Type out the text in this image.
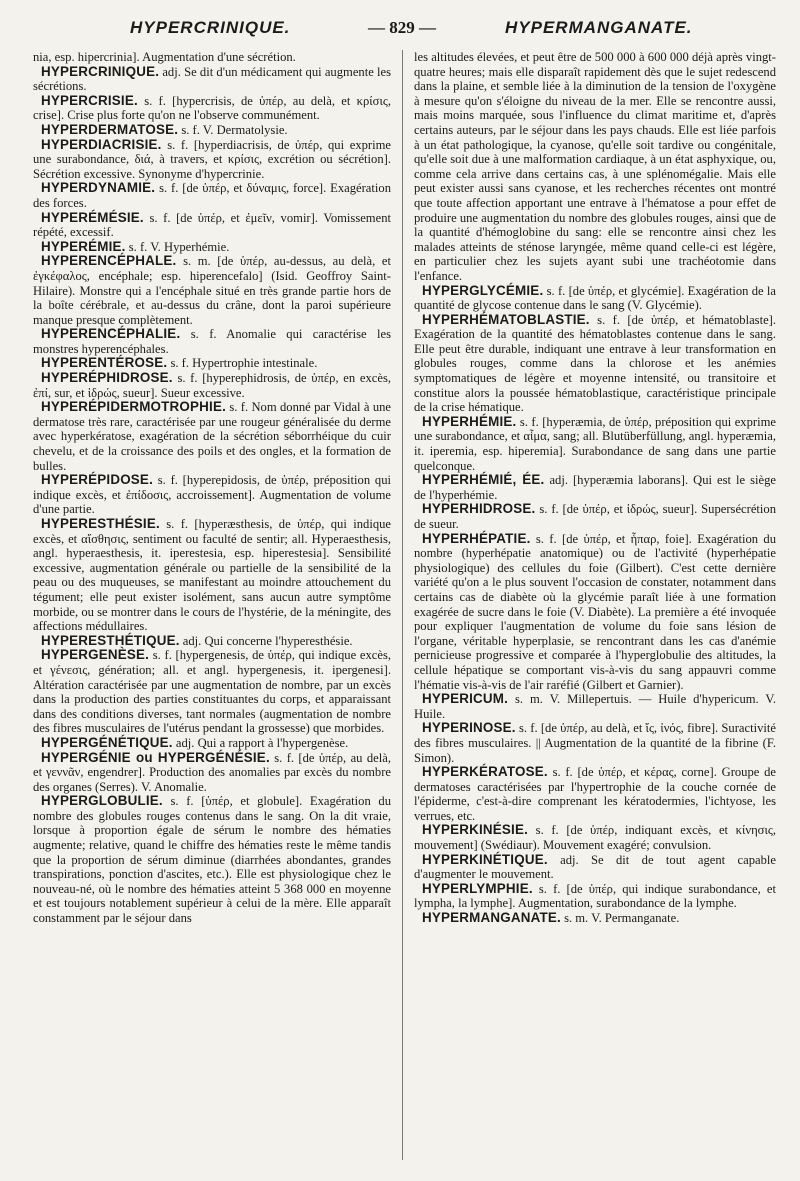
HYPERCRINIQUE.	— 829 —	HYPERMANGANATE.

nia, esp. hipercrinia]. Augmentation d'une sécrétion.

HYPERCRINIQUE. adj. Se dit d'un médicament qui augmente les sécrétions.

HYPERCRISIE. s. f. [hypercrisis, de ὑπέρ, au delà, et κρίσις, crise]. Crise plus forte qu'on ne l'observe communément.

HYPERDERMATOSE. s. f. V. Dermatolysie.

HYPERDIACRISIE. s. f. [hyperdiacrisis, de ὑπέρ, qui exprime une surabondance, διά, à travers, et κρίσις, excrétion ou sécrétion]. Sécrétion excessive. Synonyme d'hypercrinie.

HYPERDYNAMIE. s. f. [de ὑπέρ, et δύναμις, force]. Exagération des forces.

HYPERÉMÉSIE. s. f. [de ὑπέρ, et ἐμεῖν, vomir]. Vomissement répété, excessif.

HYPERÉMIE. s. f. V. Hyperhémie.

HYPERENCÉPHALE. s. m. [de ὑπέρ, au-dessus, au delà, et ἐγκέφαλος, encéphale; esp. hiperencefalo] (Isid. Geoffroy Saint-Hilaire). Monstre qui a l'encéphale situé en très grande partie hors de la boîte cérébrale, et au-dessus du crâne, dont la paroi supérieure manque presque complètement.

HYPERENCÉPHALIE. s. f. Anomalie qui caractérise les monstres hyperencéphales.

HYPERENTÉROSE. s. f. Hypertrophie intestinale.

HYPERÉPHIDROSE. s. f. [hyperephidrosis, de ὑπέρ, en excès, ἐπί, sur, et ἱδρώς, sueur]. Sueur excessive.

HYPERÉPIDERMOTROPHIE. s. f. Nom donné par Vidal à une dermatose très rare, caractérisée par une rougeur généralisée du derme avec hyperkératose, exagération de la sécrétion séborrhéique du cuir chevelu, et de la croissance des poils et des ongles, et la formation de bulles.

HYPERÉPIDOSE. s. f. [hyperepidosis, de ὑπέρ, préposition qui indique excès, et ἐπίδοσις, accroissement]. Augmentation de volume d'une partie.

HYPERESTHÉSIE. s. f. [hyperæsthesis, de ὑπέρ, qui indique excès, et αἴσθησις, sentiment ou faculté de sentir; all. Hyperaesthesis, angl. hyperaesthesis, it. iperestesia, esp. hiperestesia]. Sensibilité excessive, augmentation générale ou partielle de la sensibilité de la peau ou des muqueuses, se manifestant au moindre attouchement du tégument; elle peut exister isolément, sans aucun autre symptôme morbide, ou se montrer dans le cours de l'hystérie, de la méningite, des affections médullaires.

HYPERESTHÉTIQUE. adj. Qui concerne l'hyperesthésie.

HYPERGENÈSE. s. f. [hypergenesis, de ὑπέρ, qui indique excès, et γένεσις, génération; all. et angl. hypergenesis, it. ipergenesi]. Altération caractérisée par une augmentation de nombre, par un excès dans la production des parties constituantes du corps, et apparaissant dans des conditions diverses, tant normales (augmentation de nombre des fibres musculaires de l'utérus pendant la grossesse) que morbides.

HYPERGÉNÉTIQUE. adj. Qui a rapport à l'hypergenèse.

HYPERGÉNIE ou HYPERGÉNÉSIE. s. f. [de ὑπέρ, au delà, et γεννᾶν, engendrer]. Production des anomalies par excès du nombre des organes (Serres). V. Anomalie.

HYPERGLOBULIE. s. f. [ὑπέρ, et globule]. Exagération du nombre des globules rouges contenus dans le sang. On la dit vraie, lorsque à proportion égale de sérum le nombre des hématies augmente; relative, quand le chiffre des hématies reste le même tandis que la proportion de sérum diminue (diarrhées abondantes, grandes transpirations, ponction d'ascites, etc.). Elle est physiologique chez le nouveau-né, où le nombre des hématies atteint 5 368 000 en moyenne et est toujours notablement supérieur à celui de la mère. Elle apparaît constamment par le séjour dans

les altitudes élevées, et peut être de 500 000 à 600 000 déjà après vingt-quatre heures; mais elle disparaît rapidement dès que le sujet redescend dans la plaine, et semble liée à la diminution de la tension de l'oxygène à mesure qu'on s'éloigne du niveau de la mer. Elle se rencontre aussi, mais moins marquée, sous l'influence du climat maritime et, d'après certains auteurs, par le séjour dans les pays chauds. Elle est liée parfois à un état pathologique, la cyanose, qu'elle soit tardive ou congénitale, qu'elle soit due à une malformation cardiaque, à un état asphyxique, ou, comme cela arrive dans certains cas, à une splénomégalie. Mais elle peut exister aussi sans cyanose, et les recherches récentes ont montré que toute affection apportant une entrave à l'hématose a pour effet de produire une augmentation du nombre des globules rouges, ainsi que de la quantité d'hémoglobine du sang: elle se rencontre ainsi chez les malades atteints de sténose laryngée, même quand celle-ci est légère, en particulier chez les sujets ayant subi une trachéotomie dans l'enfance.

HYPERGLYCÉMIE. s. f. [de ὑπέρ, et glycémie]. Exagération de la quantité de glycose contenue dans le sang (V. Glycémie).

HYPERHÉMATOBLASTIE. s. f. [de ὑπέρ, et hématoblaste]. Exagération de la quantité des hématoblastes contenue dans le sang. Elle peut être durable, indiquant une entrave à leur transformation en globules rouges, comme dans la chlorose et les anémies symptomatiques de légère et moyenne intensité, ou transitoire et constitue alors la poussée hématoblastique, caractéristique principale de la crise hématique.

HYPERHÉMIE. s. f. [hyperæmia, de ὑπέρ, préposition qui exprime une surabondance, et αἷμα, sang; all. Blutüberfüllung, angl. hyperæmia, it. iperemia, esp. hiperemia]. Surabondance de sang dans une partie quelconque.

HYPERHÉMIÉ, ÉE. adj. [hyperæmia laborans]. Qui est le siège de l'hyperhémie.

HYPERHIDROSE. s. f. [de ὑπέρ, et ἱδρώς, sueur]. Supersécrétion de sueur.

HYPERHÉPATIE. s. f. [de ὑπέρ, et ἧπαρ, foie]. Exagération du nombre (hyperhépatie anatomique) ou de l'activité (hyperhépatie physiologique) des cellules du foie (Gilbert). C'est cette dernière variété qu'on a le plus souvent l'occasion de constater, notamment dans certains cas de diabète où la glycémie paraît liée à une formation exagérée de sucre dans le foie (V. Diabète). La première a été invoquée pour expliquer l'augmentation de volume du foie sans lésion de l'organe, véritable hyperplasie, se rencontrant dans les cas d'anémie pernicieuse progressive et comparée à l'hyperglobulie des altitudes, la cellule hépatique se comportant vis-à-vis du sang appauvri comme l'hématie vis-à-vis de l'air raréfié (Gilbert et Garnier).

HYPERICUM. s. m. V. Millepertuis. — Huile d'hypericum. V. Huile.

HYPERINOSE. s. f. [de ὑπέρ, au delà, et ἴς, ἰνός, fibre]. Suractivité des fibres musculaires. || Augmentation de la quantité de la fibrine (F. Simon).

HYPERKÉRATOSE. s. f. [de ὑπέρ, et κέρας, corne]. Groupe de dermatoses caractérisées par l'hypertrophie de la couche cornée de l'épiderme, c'est-à-dire comprenant les kératodermies, l'ichtyose, les verrues, etc.

HYPERKINÉSIE. s. f. [de ὑπέρ, indiquant excès, et κίνησις, mouvement] (Swédiaur). Mouvement exagéré; convulsion.

HYPERKINÉTIQUE. adj. Se dit de tout agent capable d'augmenter le mouvement.

HYPERLYMPHIE. s. f. [de ὑπέρ, qui indique surabondance, et lympha, la lymphe]. Augmentation, surabondance de la lymphe.

HYPERMANGANATE. s. m. V. Permanganate.
